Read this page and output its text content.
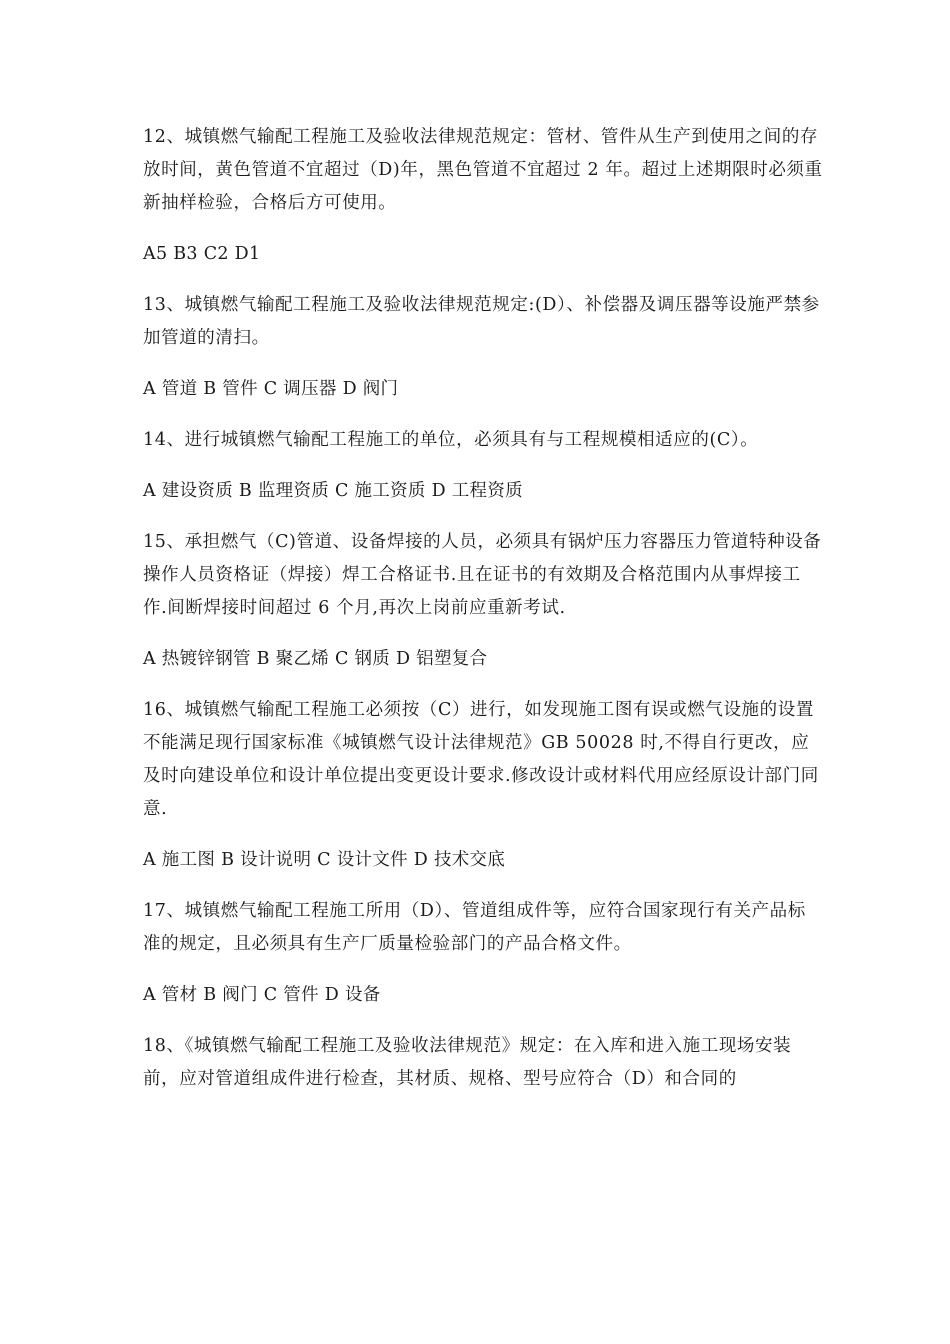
12、城镇燃气输配工程施工及验收法律规范规定：管材、管件从生产到使用之间的存放时间，黄色管道不宜超过（D)年，黑色管道不宜超过 2 年。超过上述期限时必须重新抽样检验，合格后方可使用。

A5 B3 C2 D1

13、城镇燃气输配工程施工及验收法律规范规定:(D）、补偿器及调压器等设施严禁参加管道的清扫。

A 管道 B 管件 C 调压器 D 阀门

14、进行城镇燃气输配工程施工的单位，必须具有与工程规模相适应的(C）。

A 建设资质 B 监理资质 C 施工资质 D 工程资质

15、承担燃气（C)管道、设备焊接的人员，必须具有锅炉压力容器压力管道特种设备操作人员资格证（焊接）焊工合格证书.且在证书的有效期及合格范围内从事焊接工作.间断焊接时间超过 6 个月,再次上岗前应重新考试.

A 热镀锌钢管 B 聚乙烯 C 钢质 D 铝塑复合

16、城镇燃气输配工程施工必须按（C）进行，如发现施工图有误或燃气设施的设置不能满足现行国家标准《城镇燃气设计法律规范》GB 50028 时,不得自行更改，应及时向建设单位和设计单位提出变更设计要求.修改设计或材料代用应经原设计部门同意.

A 施工图 B 设计说明 C 设计文件 D 技术交底

17、城镇燃气输配工程施工所用（D）、管道组成件等，应符合国家现行有关产品标准的规定，且必须具有生产厂质量检验部门的产品合格文件。

A 管材 B 阀门 C 管件 D 设备

18、《城镇燃气输配工程施工及验收法律规范》规定：在入库和进入施工现场安装前，应对管道组成件进行检查，其材质、规格、型号应符合（D）和合同的
